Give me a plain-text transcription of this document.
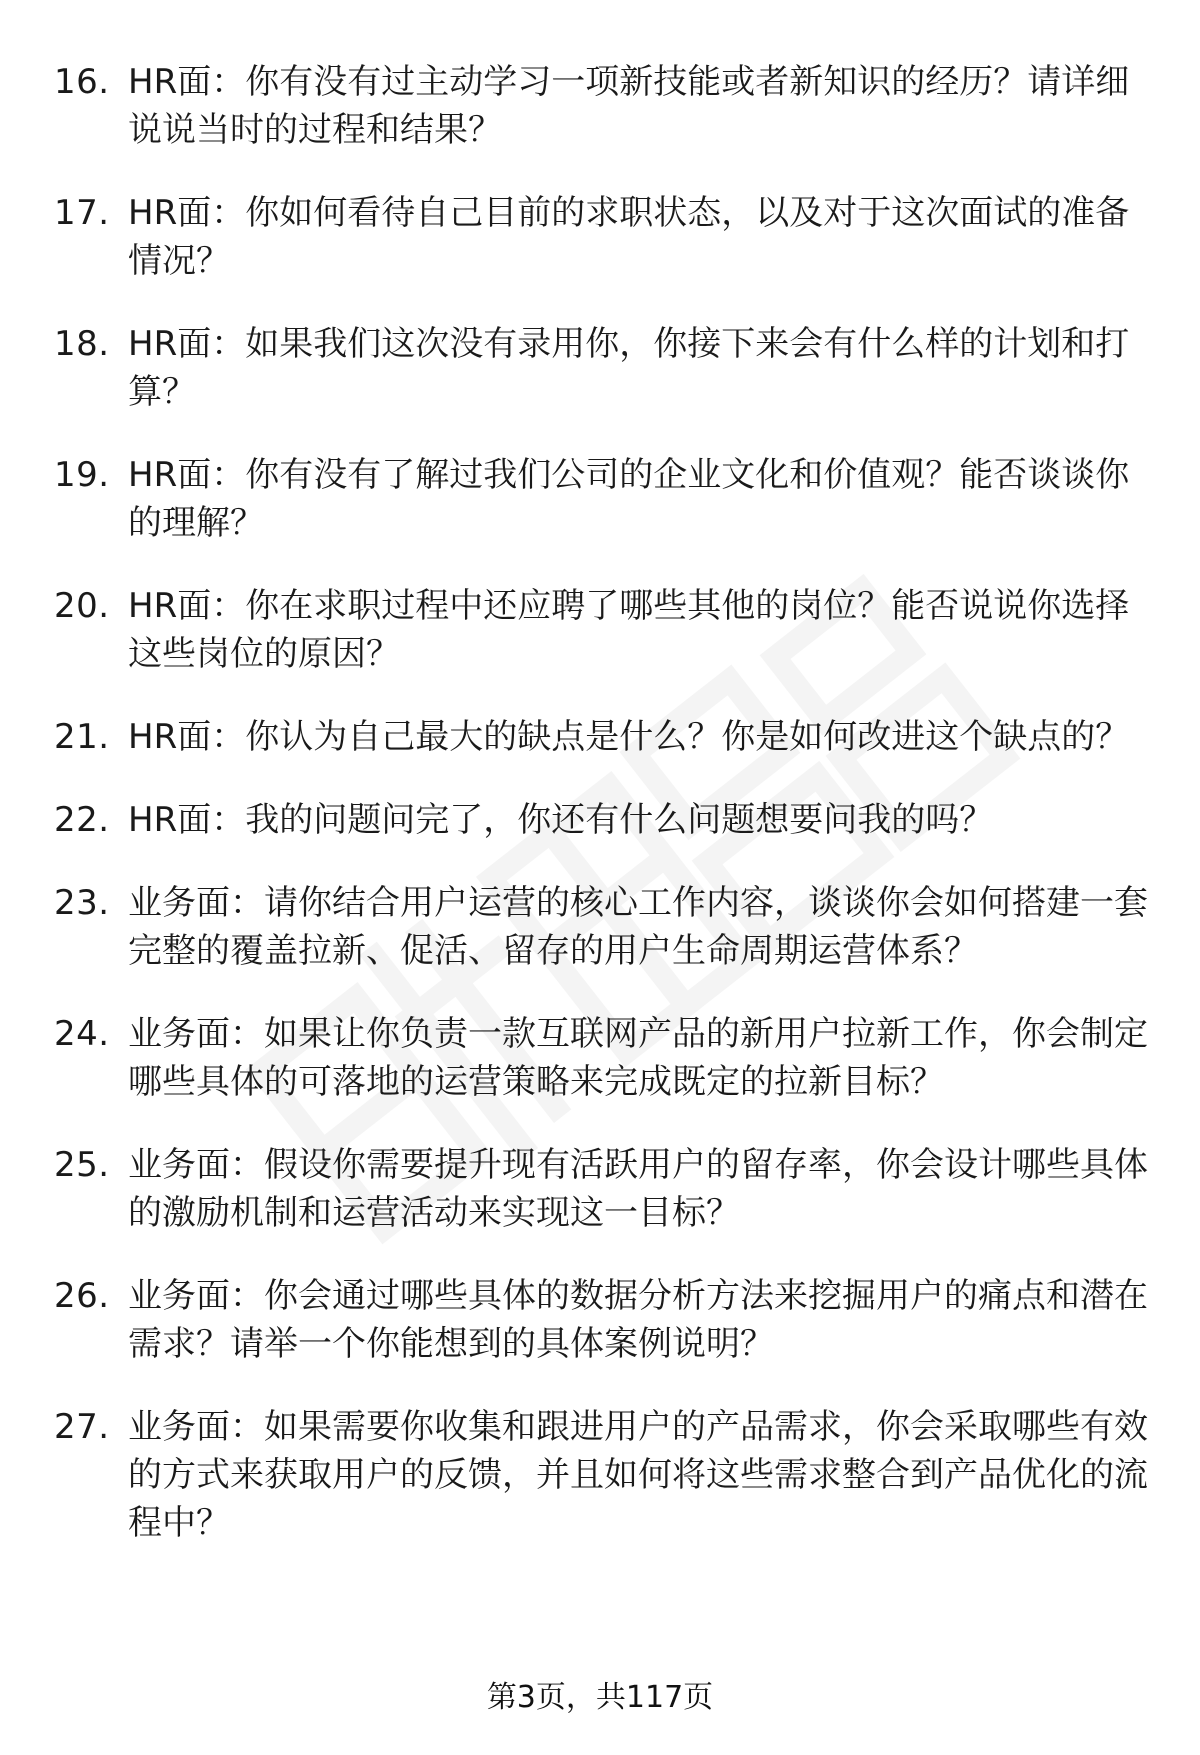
16. HR面：你有没有过主动学习一项新技能或者新知识的经历？请详细说说当时的过程和结果？
17. HR面：你如何看待自己目前的求职状态，以及对于这次面试的准备情况？
18. HR面：如果我们这次没有录用你，你接下来会有什么样的计划和打算？
19. HR面：你有没有了解过我们公司的企业文化和价值观？能否谈谈你的理解？
20. HR面：你在求职过程中还应聘了哪些其他的岗位？能否说说你选择这些岗位的原因？
21. HR面：你认为自己最大的缺点是什么？你是如何改进这个缺点的？
22. HR面：我的问题问完了，你还有什么问题想要问我的吗？
23. 业务面：请你结合用户运营的核心工作内容，谈谈你会如何搭建一套完整的覆盖拉新、促活、留存的用户生命周期运营体系？
24. 业务面：如果让你负责一款互联网产品的新用户拉新工作，你会制定哪些具体的可落地的运营策略来完成既定的拉新目标？
25. 业务面：假设你需要提升现有活跃用户的留存率，你会设计哪些具体的激励机制和运营活动来实现这一目标？
26. 业务面：你会通过哪些具体的数据分析方法来挖掘用户的痛点和潜在需求？请举一个你能想到的具体案例说明？
27. 业务面：如果需要你收集和跟进用户的产品需求，你会采取哪些有效的方式来获取用户的反馈，并且如何将这些需求整合到产品优化的流程中？
第3页，共117页
